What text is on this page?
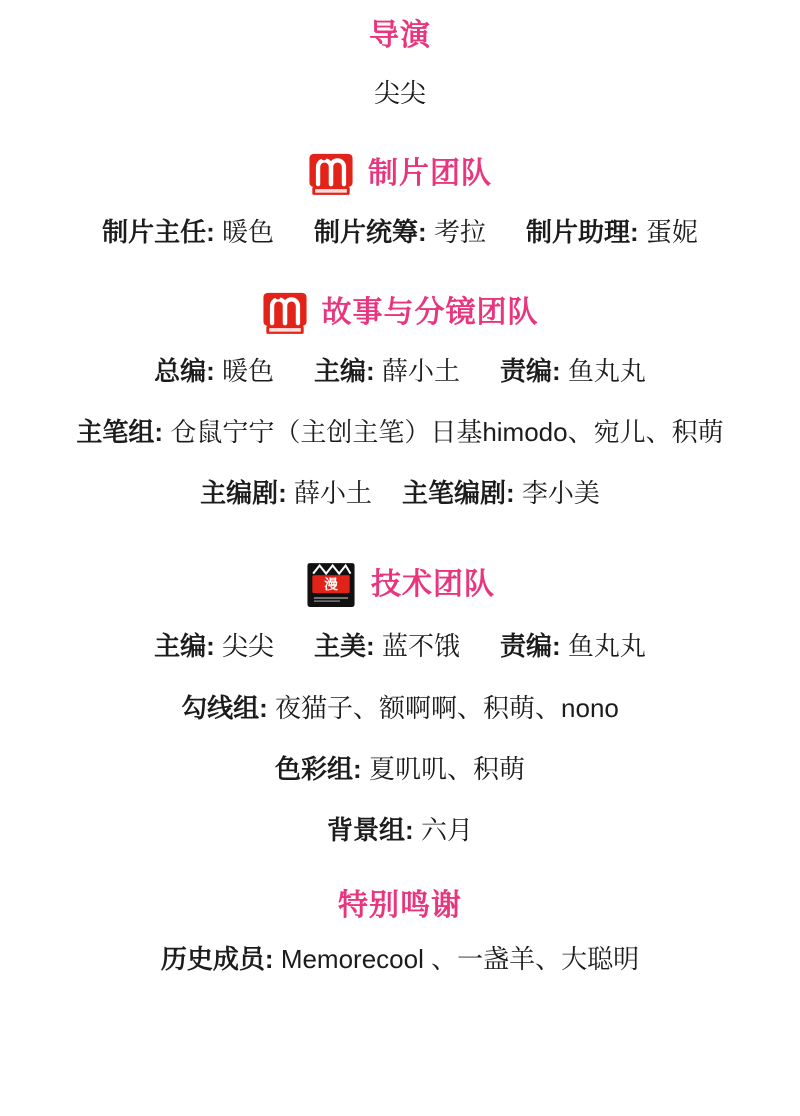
导演
尖尖
制片团队
制片主任: 暖色 制片统筹: 考拉 制片助理: 蛋妮
故事与分镜团队
总编: 暖色 主编: 薛小土 责编: 鱼丸丸
主笔组: 仓鼠宁宁（主创主笔）日基himodo、宛儿、积萌
主编剧: 薛小土 主笔编剧: 李小美
漫 技术团队
主编: 尖尖 主美: 蓝不饿 责编: 鱼丸丸
勾线组: 夜猫子、额啊啊、积萌、nono
色彩组: 夏叽叽、积萌
背景组: 六月
特别鸣谢
历史成员: Memorecool 、一盏羊、大聪明
